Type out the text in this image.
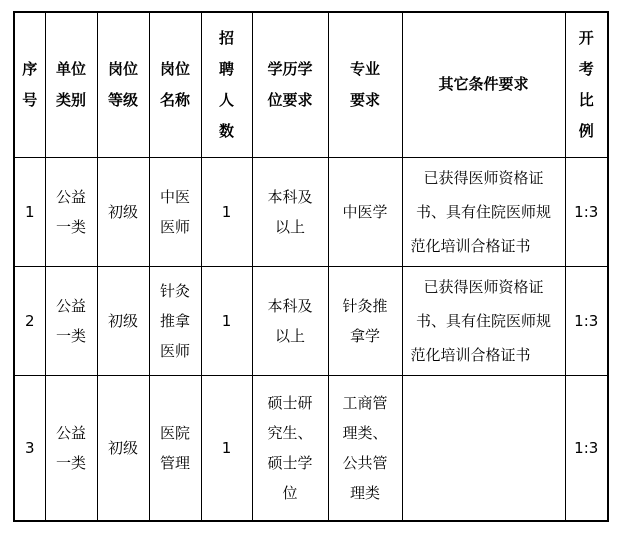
序号	单位类别	岗位等级	岗位名称	招聘人数	学历学位要求	专业要求	其它条件要求	开考比例
1	公益一类	初级	中医医师	1	本科及以上	中医学	已获得医师资格证书、具有住院医师规范化培训合格证书	1:3
2	公益一类	初级	针灸推拿医师	1	本科及以上	针灸推拿学	已获得医师资格证书、具有住院医师规范化培训合格证书	1:3
3	公益一类	初级	医院管理	1	硕士研究生、硕士学位	工商管理类、公共管理类		1:3
